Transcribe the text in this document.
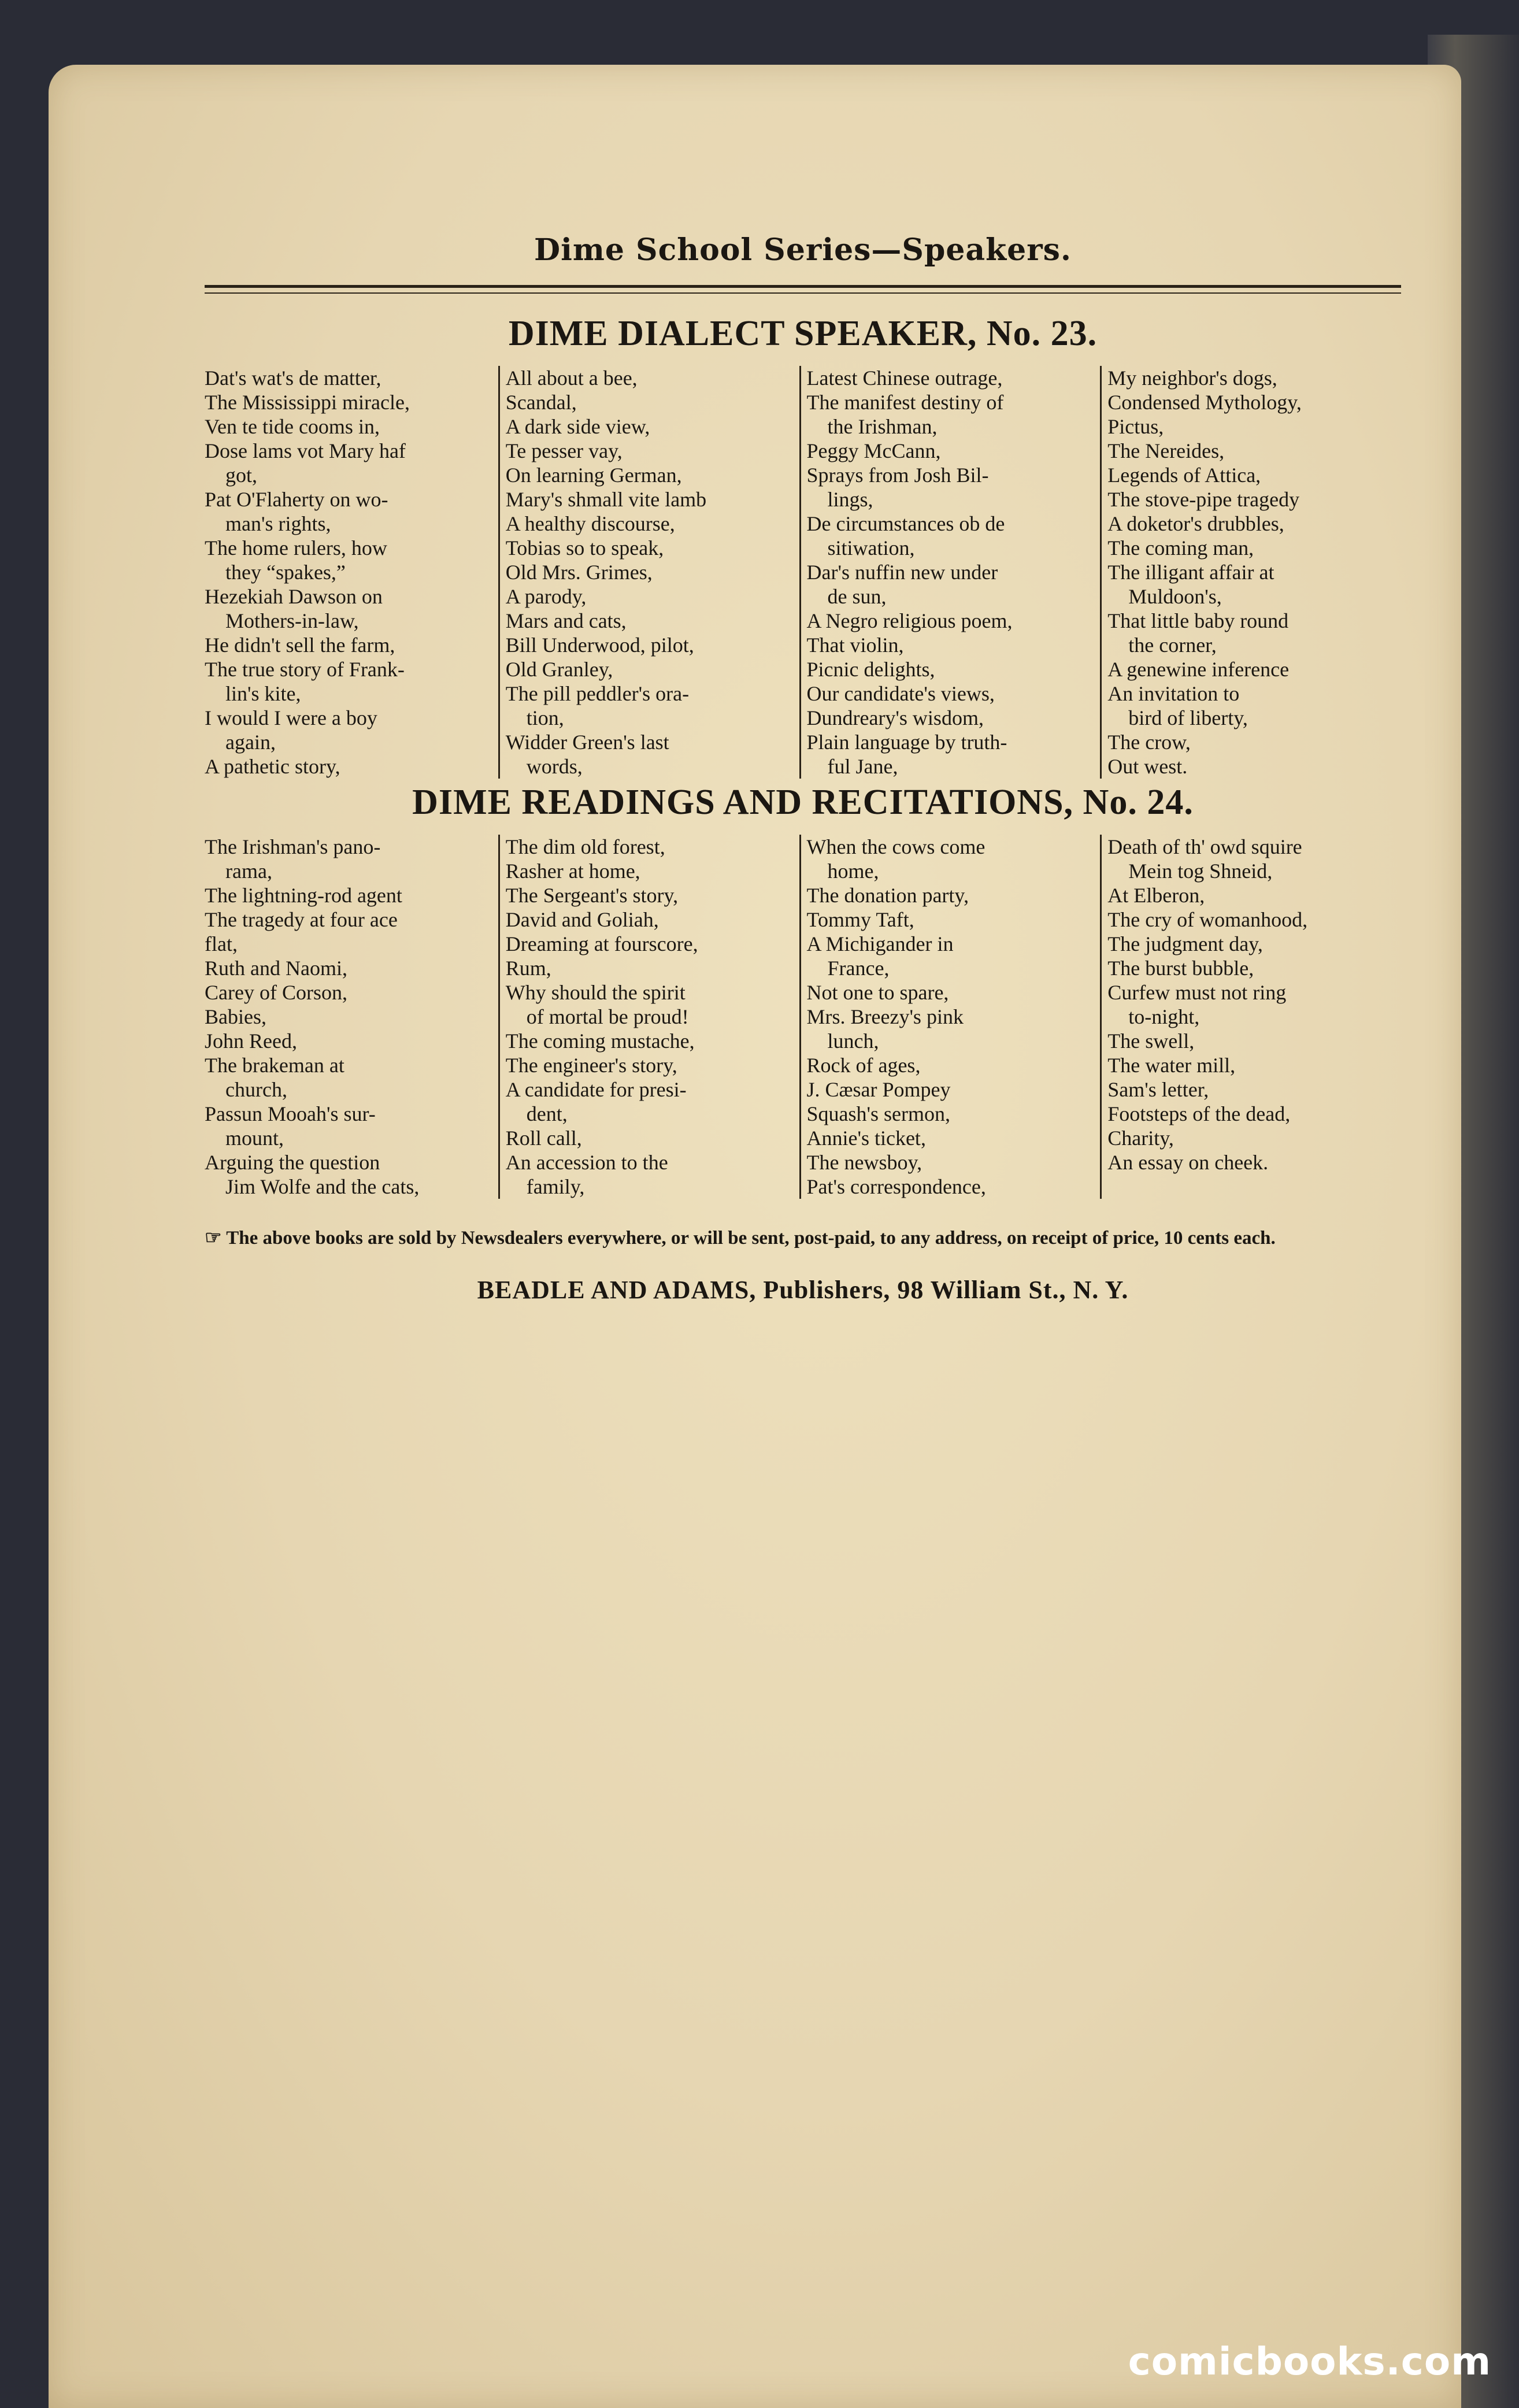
Dime School Series—Speakers.
DIME DIALECT SPEAKER, No. 23.
Dat's wat's de matter,
The Mississippi miracle,
Ven te tide cooms in,
Dose lams vot Mary haf
got,
Pat O'Flaherty on wo-
man's rights,
The home rulers, how
they “spakes,”
Hezekiah Dawson on
Mothers-in-law,
He didn't sell the farm,
The true story of Frank-
lin's kite,
I would I were a boy
again,
A pathetic story,
All about a bee,
Scandal,
A dark side view,
Te pesser vay,
On learning German,
Mary's shmall vite lamb
A healthy discourse,
Tobias so to speak,
Old Mrs. Grimes,
A parody,
Mars and cats,
Bill Underwood, pilot,
Old Granley,
The pill peddler's ora-
tion,
Widder Green's last
words,
Latest Chinese outrage,
The manifest destiny of
the Irishman,
Peggy McCann,
Sprays from Josh Bil-
lings,
De circumstances ob de
sitiwation,
Dar's nuffin new under
de sun,
A Negro religious poem,
That violin,
Picnic delights,
Our candidate's views,
Dundreary's wisdom,
Plain language by truth-
ful Jane,
My neighbor's dogs,
Condensed Mythology,
Pictus,
The Nereides,
Legends of Attica,
The stove-pipe tragedy
A doketor's drubbles,
The coming man,
The illigant affair at
Muldoon's,
That little baby round
the corner,
A genewine inference
An invitation to
bird of liberty,
The crow,
Out west.
DIME READINGS AND RECITATIONS, No. 24.
The Irishman's pano-
rama,
The lightning-rod agent
The tragedy at four ace
flat,
Ruth and Naomi,
Carey of Corson,
Babies,
John Reed,
The brakeman at
church,
Passun Mooah's sur-
mount,
Arguing the question
Jim Wolfe and the cats,
The dim old forest,
Rasher at home,
The Sergeant's story,
David and Goliah,
Dreaming at fourscore,
Rum,
Why should the spirit
of mortal be proud!
The coming mustache,
The engineer's story,
A candidate for presi-
dent,
Roll call,
An accession to the
family,
When the cows come
home,
The donation party,
Tommy Taft,
A Michigander in
France,
Not one to spare,
Mrs. Breezy's pink
lunch,
Rock of ages,
J. Cæsar Pompey
Squash's sermon,
Annie's ticket,
The newsboy,
Pat's correspondence,
Death of th' owd squire
Mein tog Shneid,
At Elberon,
The cry of womanhood,
The judgment day,
The burst bubble,
Curfew must not ring
to-night,
The swell,
The water mill,
Sam's letter,
Footsteps of the dead,
Charity,
An essay on cheek.
☞ The above books are sold by Newsdealers everywhere, or will be sent, post-paid, to any address, on receipt of price, 10 cents each.
BEADLE AND ADAMS, Publishers, 98 William St., N. Y.
comicbooks.com
